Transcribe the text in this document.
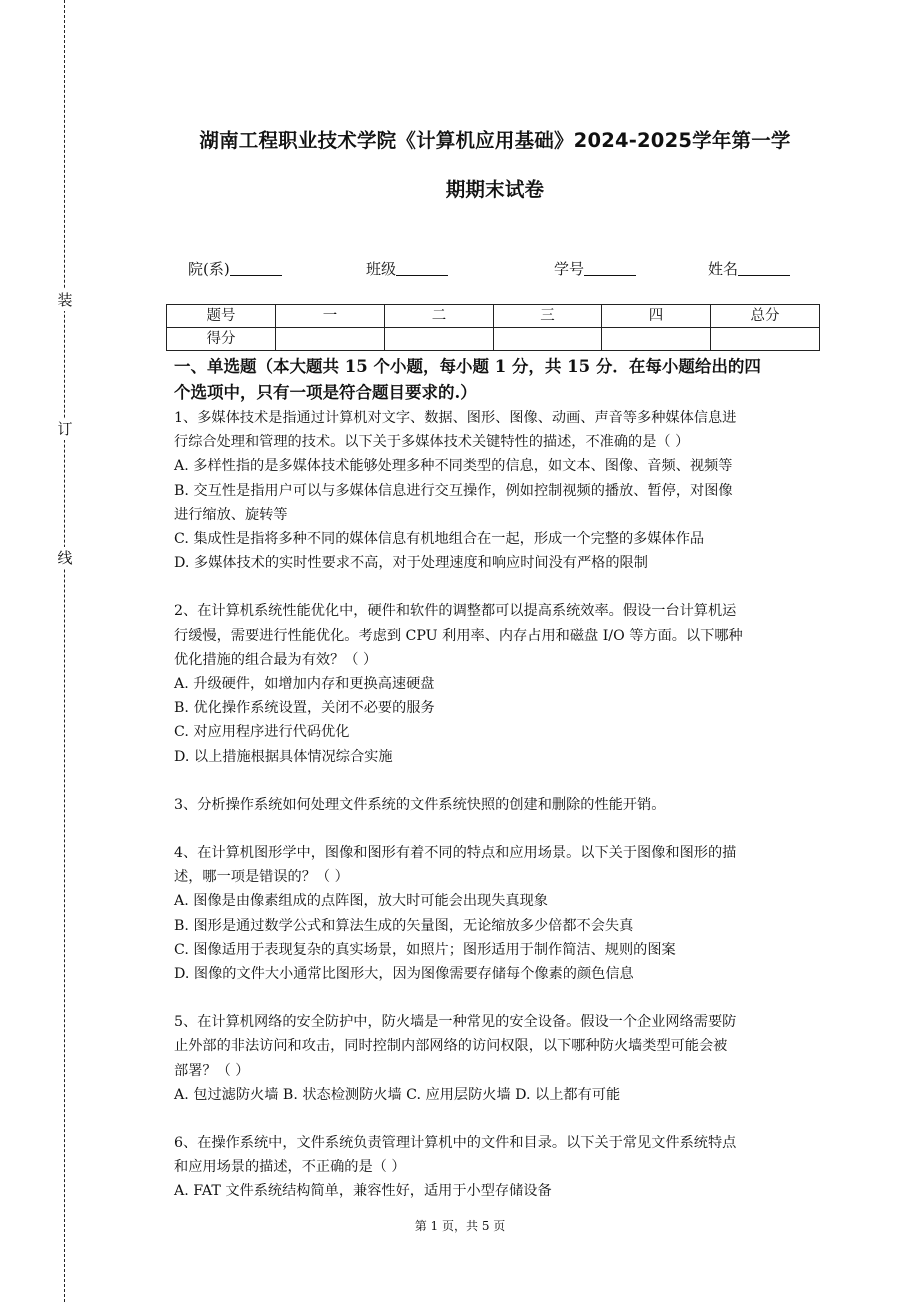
装
订
线
湖南工程职业技术学院《计算机应用基础》2024-2025学年第一学
期期末试卷
院(系)	班级	学号	姓名
题号	一	二	三	四	总分
得分					
一、单选题（本大题共 15 个小题，每小题 1 分，共 15 分．在每小题给出的四
个选项中，只有一项是符合题目要求的.）
1、多媒体技术是指通过计算机对文字、数据、图形、图像、动画、声音等多种媒体信息进
行综合处理和管理的技术。以下关于多媒体技术关键特性的描述，不准确的是（ ）
A. 多样性指的是多媒体技术能够处理多种不同类型的信息，如文本、图像、音频、视频等
B. 交互性是指用户可以与多媒体信息进行交互操作，例如控制视频的播放、暂停，对图像
进行缩放、旋转等
C. 集成性是指将多种不同的媒体信息有机地组合在一起，形成一个完整的多媒体作品
D. 多媒体技术的实时性要求不高，对于处理速度和响应时间没有严格的限制
2、在计算机系统性能优化中，硬件和软件的调整都可以提高系统效率。假设一台计算机运
行缓慢，需要进行性能优化。考虑到 CPU 利用率、内存占用和磁盘 I/O 等方面。以下哪种
优化措施的组合最为有效？（ ）
A. 升级硬件，如增加内存和更换高速硬盘
B. 优化操作系统设置，关闭不必要的服务
C. 对应用程序进行代码优化
D. 以上措施根据具体情况综合实施
3、分析操作系统如何处理文件系统的文件系统快照的创建和删除的性能开销。
4、在计算机图形学中，图像和图形有着不同的特点和应用场景。以下关于图像和图形的描
述，哪一项是错误的？（ ）
A. 图像是由像素组成的点阵图，放大时可能会出现失真现象
B. 图形是通过数学公式和算法生成的矢量图，无论缩放多少倍都不会失真
C. 图像适用于表现复杂的真实场景，如照片；图形适用于制作简洁、规则的图案
D. 图像的文件大小通常比图形大，因为图像需要存储每个像素的颜色信息
5、在计算机网络的安全防护中，防火墙是一种常见的安全设备。假设一个企业网络需要防
止外部的非法访问和攻击，同时控制内部网络的访问权限，以下哪种防火墙类型可能会被
部署？（ ）
A. 包过滤防火墙 B. 状态检测防火墙 C. 应用层防火墙 D. 以上都有可能
6、在操作系统中，文件系统负责管理计算机中的文件和目录。以下关于常见文件系统特点
和应用场景的描述，不正确的是（ ）
A. FAT 文件系统结构简单，兼容性好，适用于小型存储设备
第 1 页，共 5 页
